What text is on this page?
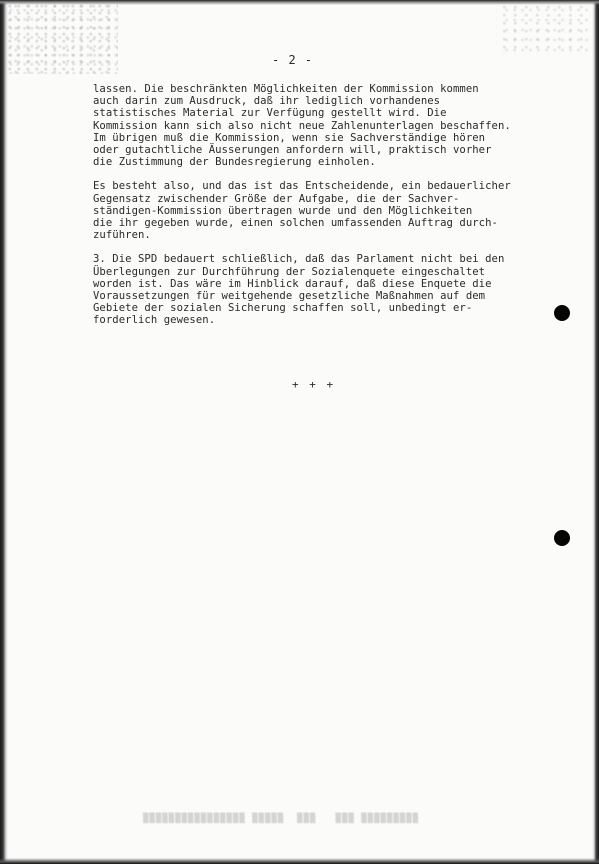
- 2 -
lassen. Die beschränkten Möglichkeiten der Kommission kommen
auch darin zum Ausdruck, daß ihr lediglich vorhandenes
statistisches Material zur Verfügung gestellt wird. Die
Kommission kann sich also nicht neue Zahlenunterlagen beschaffen.
Im übrigen muß die Kommission, wenn sie Sachverständige hören
oder gutachtliche Äusserungen anfordern will, praktisch vorher
die Zustimmung der Bundesregierung einholen.
Es besteht also, und das ist das Entscheidende, ein bedauerlicher
Gegensatz zwischender Größe der Aufgabe, die der Sachver-
ständigen-Kommission übertragen wurde und den Möglichkeiten
die ihr gegeben wurde, einen solchen umfassenden Auftrag durch-
zuführen.
3. Die SPD bedauert schließlich, daß das Parlament nicht bei den
Überlegungen zur Durchführung der Sozialenquete eingeschaltet
worden ist. Das wäre im Hinblick darauf, daß diese Enquete die
Voraussetzungen für weitgehende gesetzliche Maßnahmen auf dem
Gebiete der sozialen Sicherung schaffen soll, unbedingt er-
forderlich gewesen.
+ + +
▒▒▒▒▒▒▒▒▒▒▒▒▒▒▒▒ ▒▒▒▒▒  ▒▒▒   ▒▒▒ ▒▒▒▒▒▒▒▒▒
